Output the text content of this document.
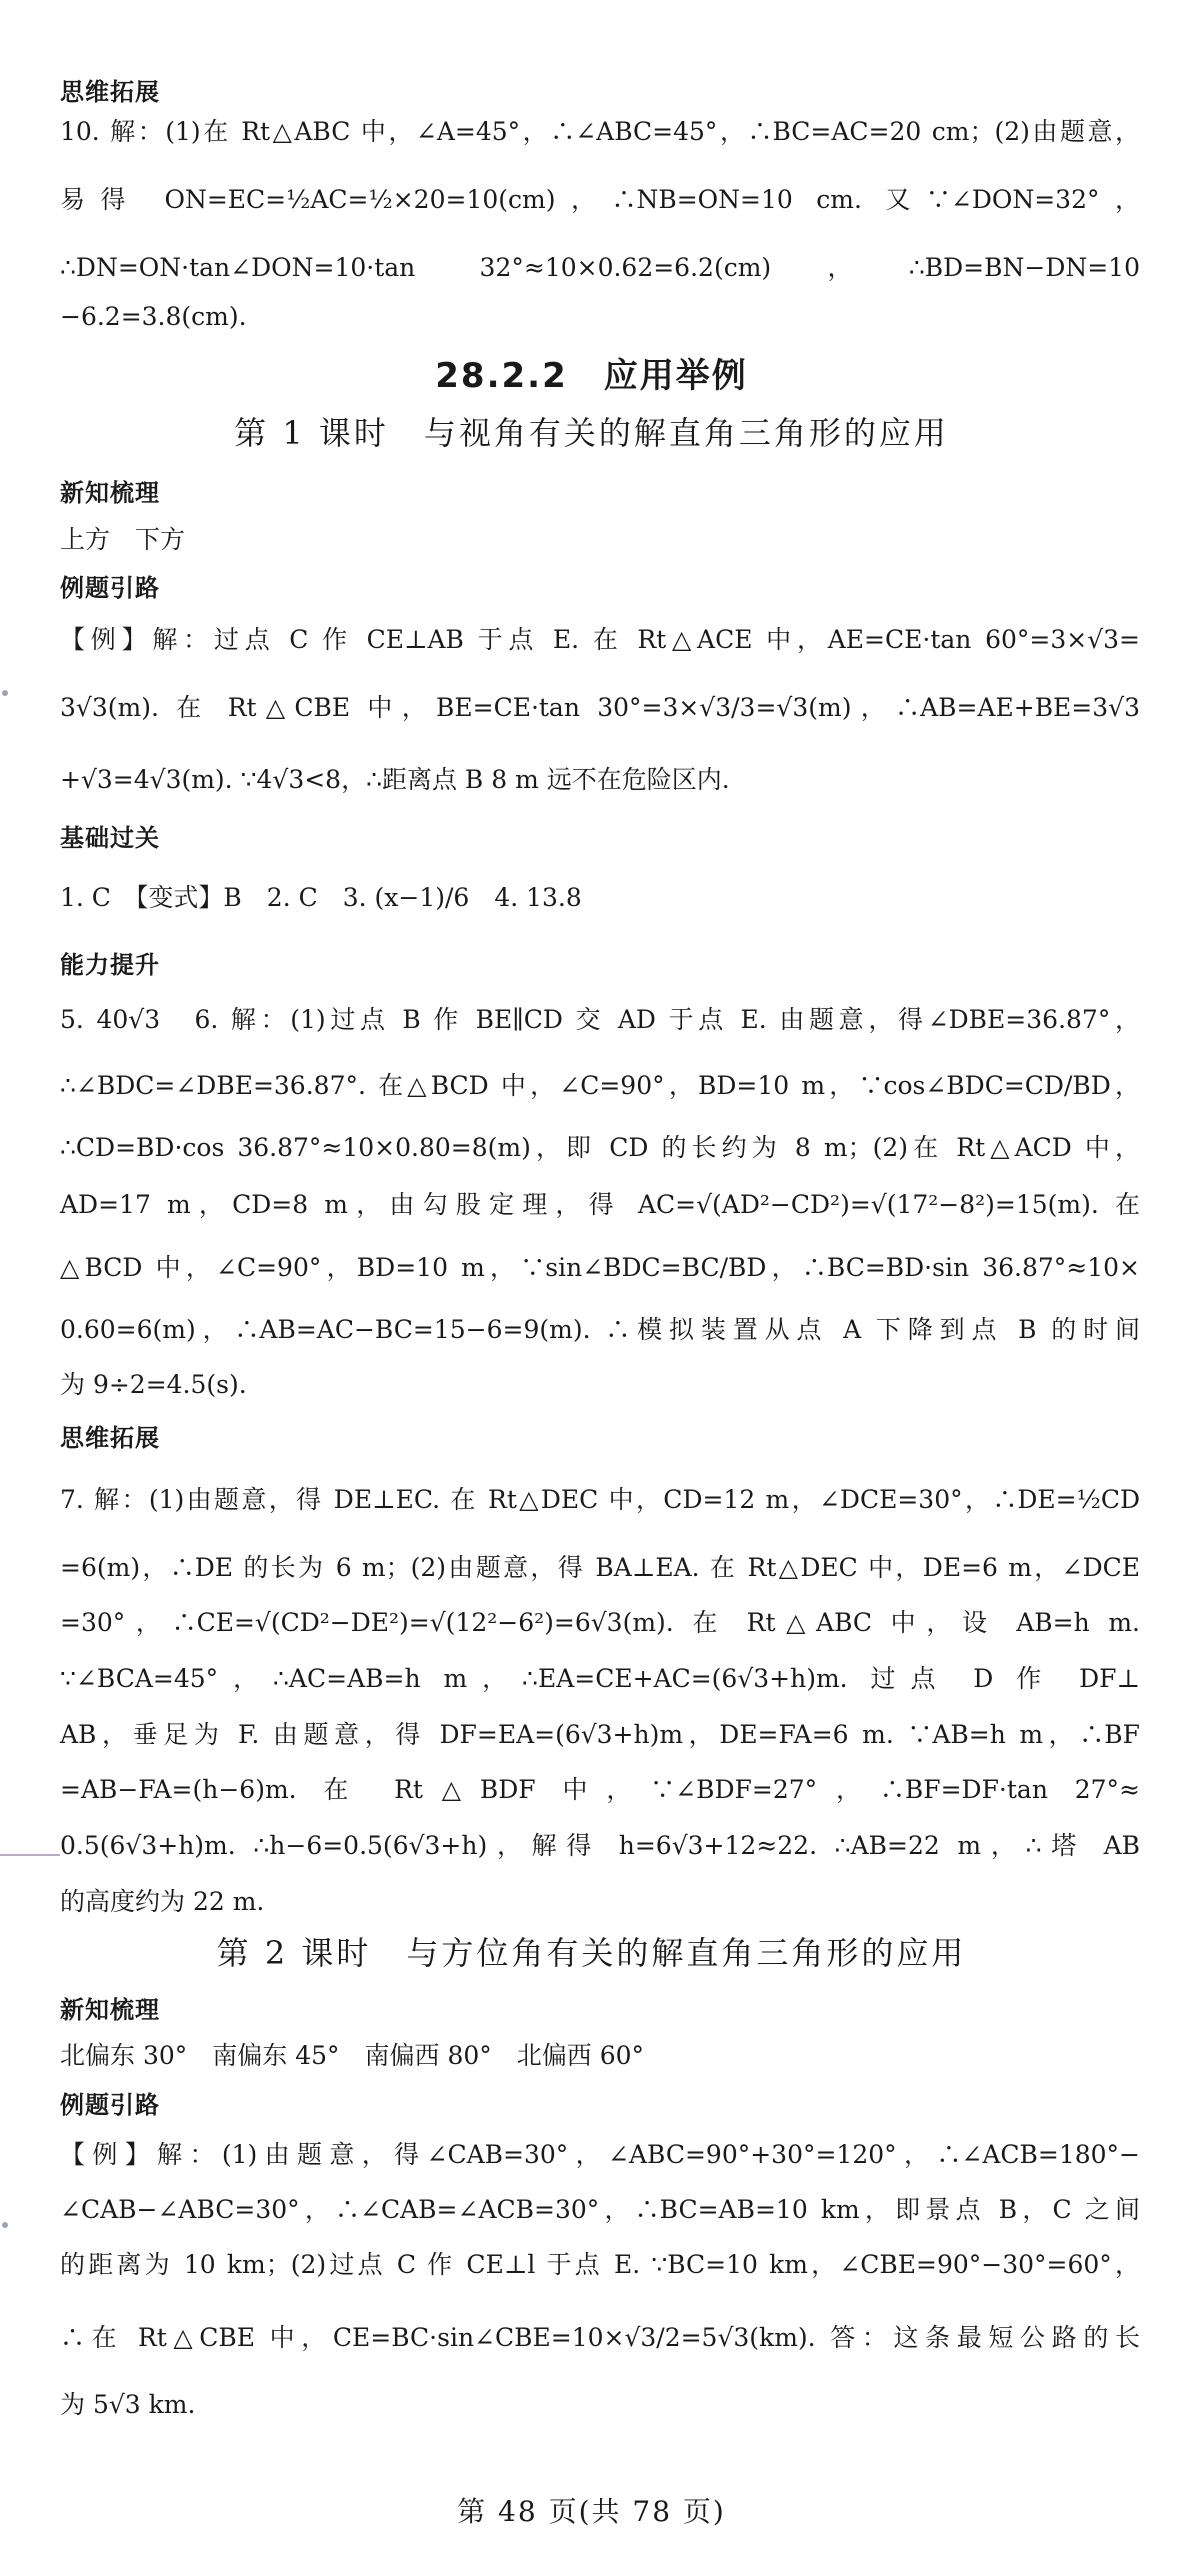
思维拓展
10. 解：(1)在 Rt△ABC 中，∠A=45°，∴∠ABC=45°，∴BC=AC=20 cm；(2)由题意，
易得 ON=EC=½AC=½×20=10(cm)，∴NB=ON=10 cm. 又∵∠DON=32°，
∴DN=ON·tan∠DON=10·tan 32°≈10×0.62=6.2(cm)，∴BD=BN−DN=10
−6.2=3.8(cm).
28.2.2　应用举例
第 1 课时　与视角有关的解直角三角形的应用
新知梳理
上方　下方
例题引路
【例】解：过点 C 作 CE⊥AB 于点 E. 在 Rt△ACE 中，AE=CE·tan 60°=3×√3=
3√3(m). 在 Rt△CBE 中，BE=CE·tan 30°=3×√3/3=√3(m)，∴AB=AE+BE=3√3
+√3=4√3(m). ∵4√3<8，∴距离点 B 8 m 远不在危险区内.
基础过关
1. C　【变式】B　2. C　3. (x−1)/6　4. 13.8
能力提升
5. 40√3　6. 解：(1)过点 B 作 BE∥CD 交 AD 于点 E. 由题意，得∠DBE=36.87°，
∴∠BDC=∠DBE=36.87°. 在△BCD 中，∠C=90°，BD=10 m，∵cos∠BDC=CD/BD，
∴CD=BD·cos 36.87°≈10×0.80=8(m)，即 CD 的长约为 8 m；(2)在 Rt△ACD 中，
AD=17 m，CD=8 m，由勾股定理，得 AC=√(AD²−CD²)=√(17²−8²)=15(m). 在
△BCD 中，∠C=90°，BD=10 m，∵sin∠BDC=BC/BD，∴BC=BD·sin 36.87°≈10×
0.60=6(m)，∴AB=AC−BC=15−6=9(m). ∴模拟装置从点 A 下降到点 B 的时间
为 9÷2=4.5(s).
思维拓展
7. 解：(1)由题意，得 DE⊥EC. 在 Rt△DEC 中，CD=12 m，∠DCE=30°，∴DE=½CD
=6(m)，∴DE 的长为 6 m；(2)由题意，得 BA⊥EA. 在 Rt△DEC 中，DE=6 m，∠DCE
=30°，∴CE=√(CD²−DE²)=√(12²−6²)=6√3(m). 在 Rt△ABC 中，设 AB=h m.
∵∠BCA=45°，∴AC=AB=h m，∴EA=CE+AC=(6√3+h)m. 过点 D 作 DF⊥
AB，垂足为 F. 由题意，得 DF=EA=(6√3+h)m，DE=FA=6 m. ∵AB=h m，∴BF
=AB−FA=(h−6)m. 在 Rt△BDF 中，∵∠BDF=27°，∴BF=DF·tan 27°≈
0.5(6√3+h)m. ∴h−6=0.5(6√3+h)，解得 h=6√3+12≈22. ∴AB=22 m，∴塔 AB
的高度约为 22 m.
第 2 课时　与方位角有关的解直角三角形的应用
新知梳理
北偏东 30°　南偏东 45°　南偏西 80°　北偏西 60°
例题引路
【例】解：(1)由题意，得∠CAB=30°，∠ABC=90°+30°=120°，∴∠ACB=180°−
∠CAB−∠ABC=30°，∴∠CAB=∠ACB=30°，∴BC=AB=10 km，即景点 B，C 之间
的距离为 10 km；(2)过点 C 作 CE⊥l 于点 E. ∵BC=10 km，∠CBE=90°−30°=60°，
∴在 Rt△CBE 中，CE=BC·sin∠CBE=10×√3/2=5√3(km). 答：这条最短公路的长
为 5√3 km.
第 48 页(共 78 页)
